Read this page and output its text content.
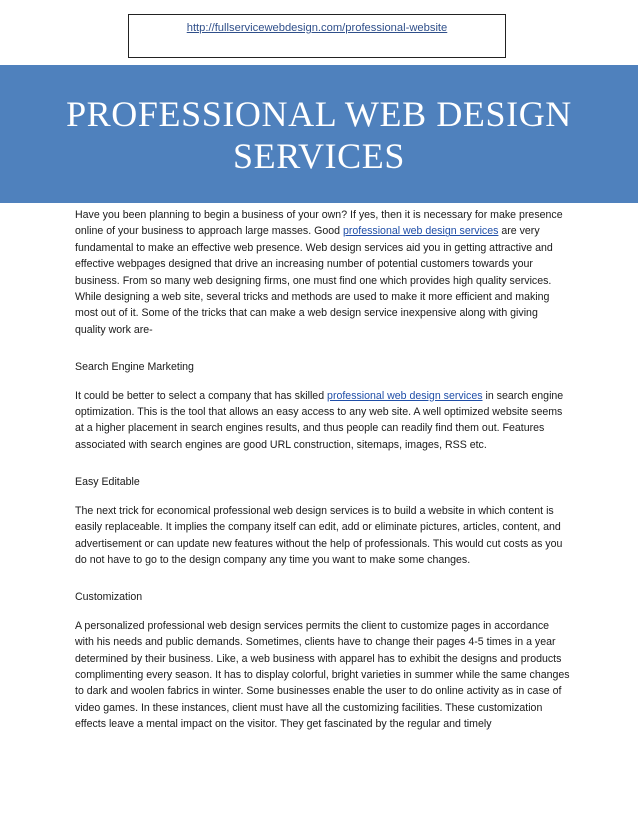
http://fullservicewebdesign.com/professional-website
PROFESSIONAL WEB DESIGN
SERVICES

Have you been planning to begin a business of your own? If yes, then it is necessary for make presence online of your business to approach large masses. Good professional web design services are very fundamental to make an effective web presence. Web design services aid you in getting attractive and effective webpages designed that drive an increasing number of potential customers towards your business. From so many web designing firms, one must find one which provides high quality services. While designing a web site, several tricks and methods are used to make it more efficient and making most out of it. Some of the tricks that can make a web design service inexpensive along with giving quality work are-

Search Engine Marketing

It could be better to select a company that has skilled professional web design services in search engine optimization. This is the tool that allows an easy access to any web site. A well optimized website seems at a higher placement in search engines results, and thus people can readily find them out. Features associated with search engines are good URL construction, sitemaps, images, RSS etc.

Easy Editable

The next trick for economical professional web design services is to build a website in which content is easily replaceable. It implies the company itself can edit, add or eliminate pictures, articles, content, and advertisement or can update new features without the help of professionals. This would cut costs as you do not have to go to the design company any time you want to make some changes.

Customization

A personalized professional web design services permits the client to customize pages in accordance with his needs and public demands. Sometimes, clients have to change their pages 4-5 times in a year determined by their business. Like, a web business with apparel has to exhibit the designs and products complimenting every season. It has to display colorful, bright varieties in summer while the same changes to dark and woolen fabrics in winter. Some businesses enable the user to do online activity as in case of video games. In these instances, client must have all the customizing facilities. These customization effects leave a mental impact on the visitor. They get fascinated by the regular and timely
